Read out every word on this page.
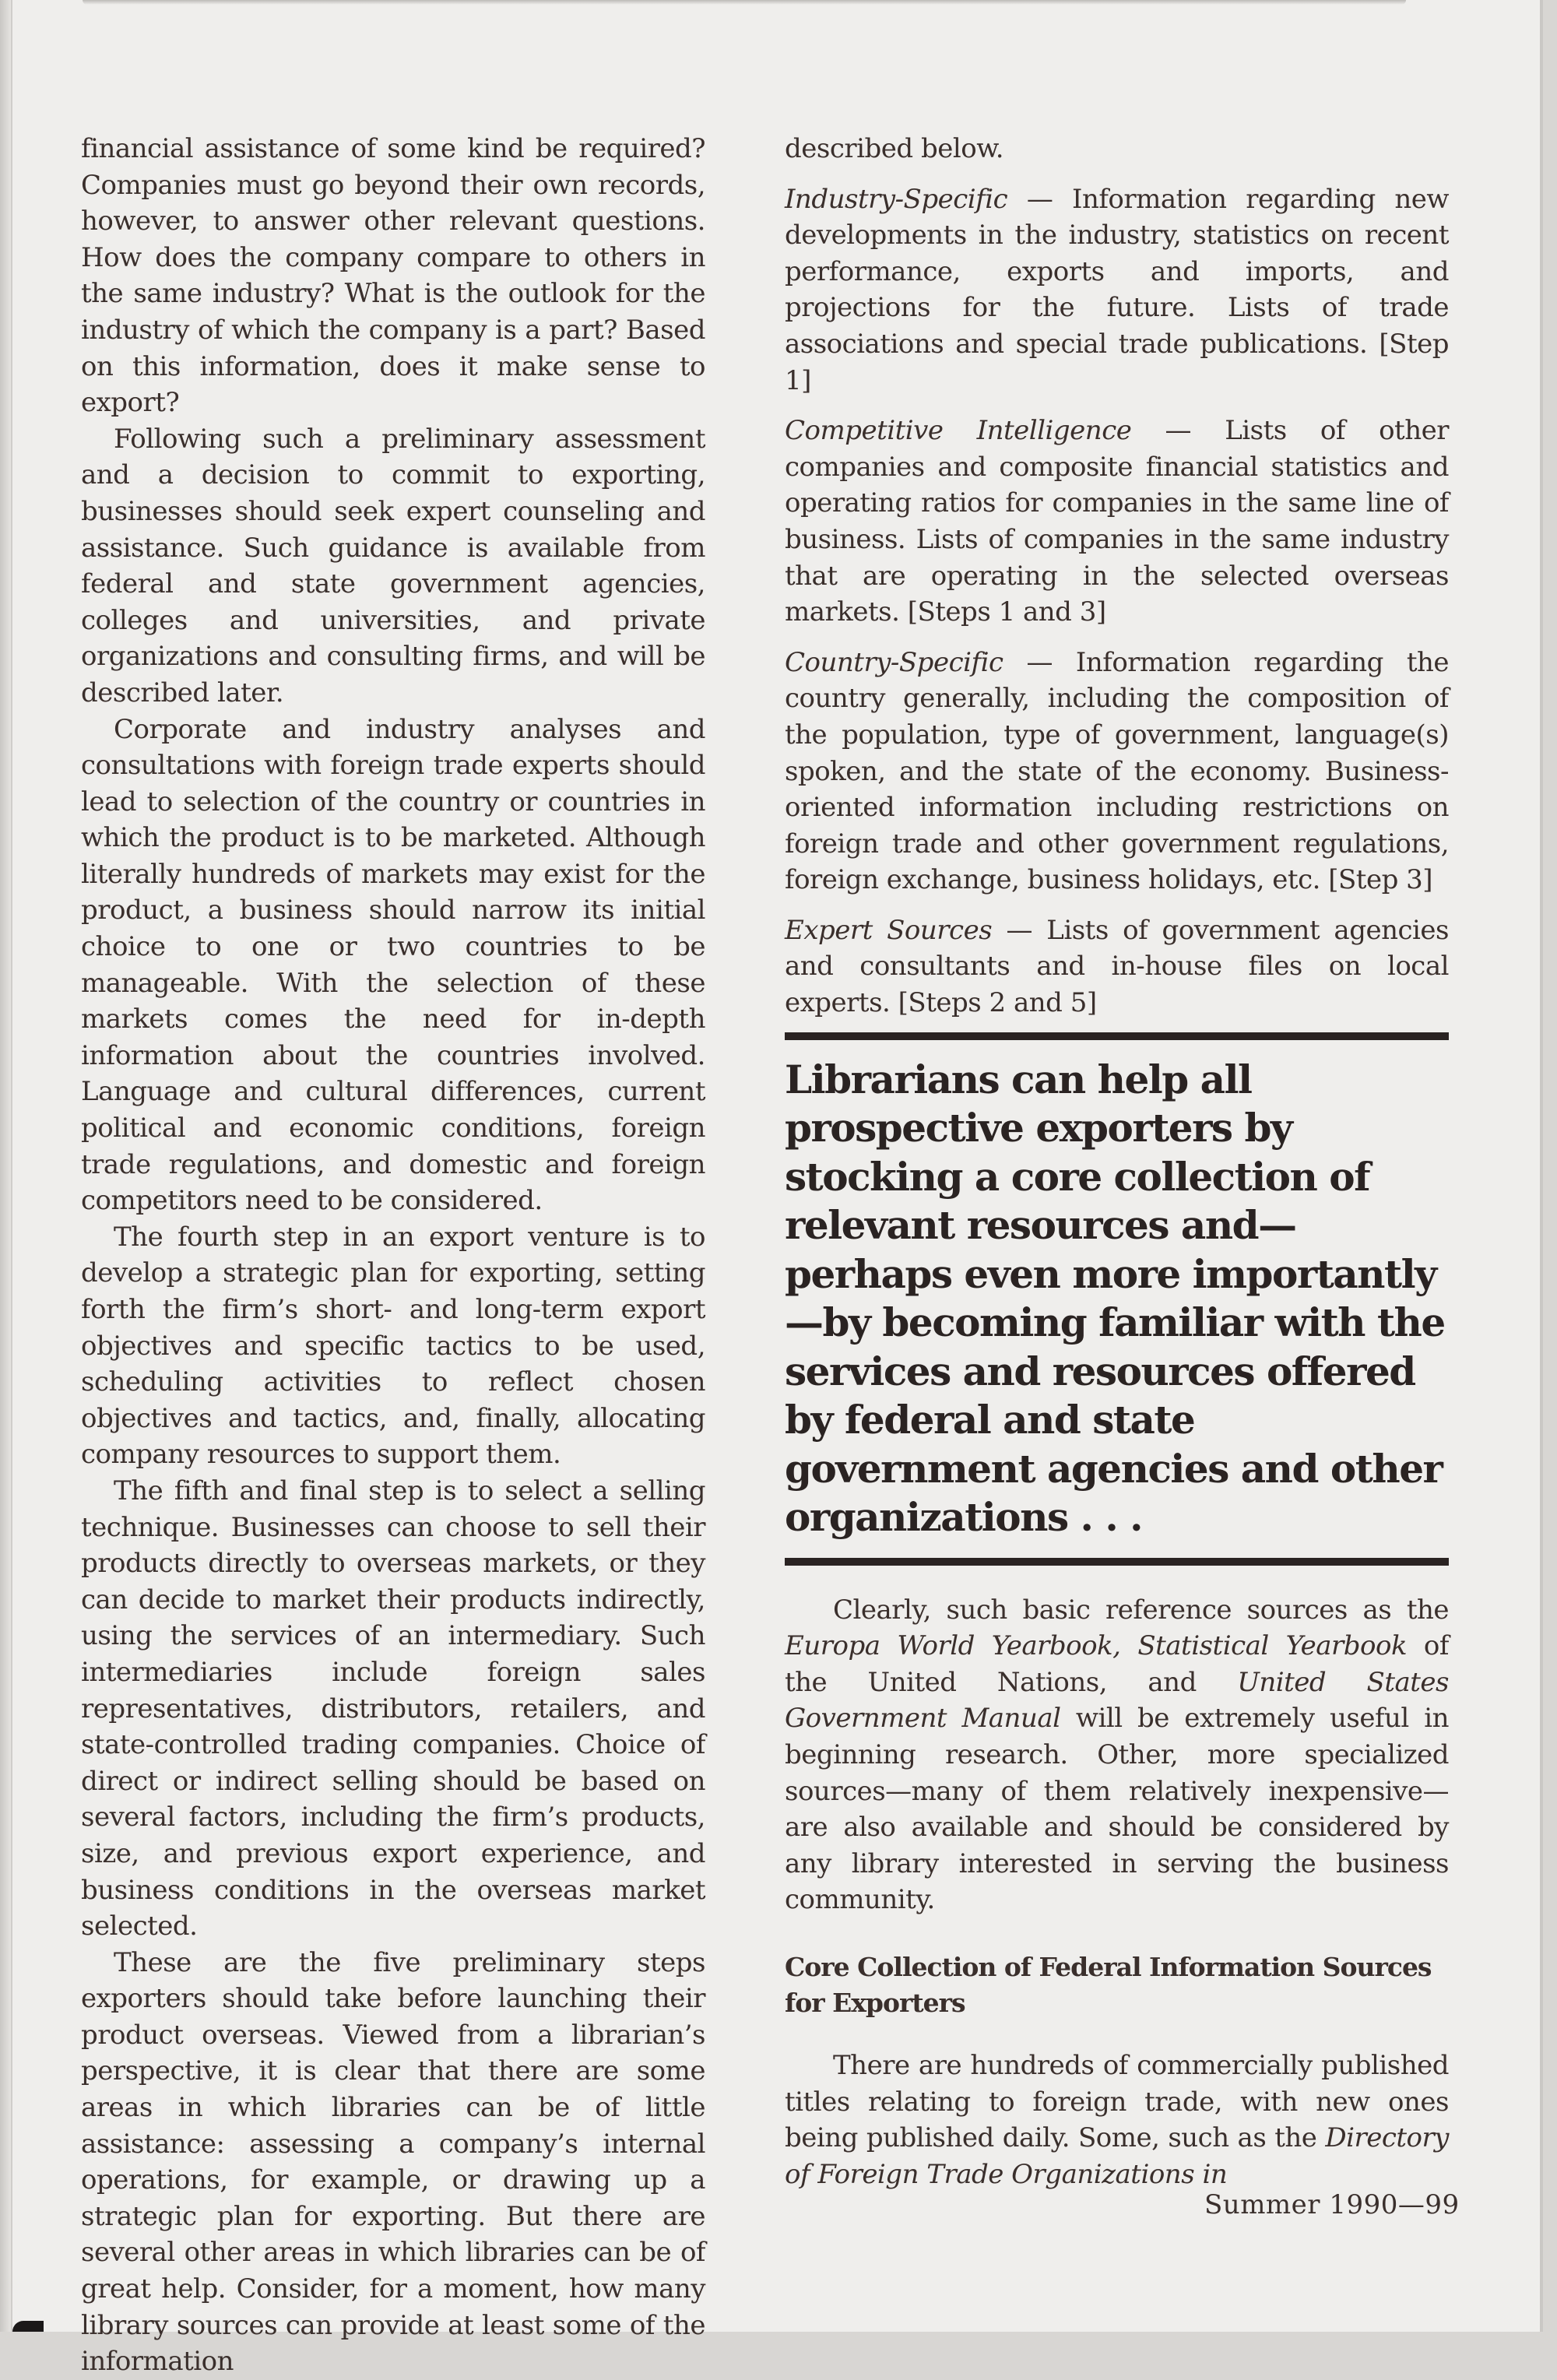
financial assistance of some kind be required? Companies must go beyond their own records, however, to answer other relevant questions. How does the company compare to others in the same industry? What is the outlook for the industry of which the company is a part? Based on this information, does it make sense to export?

Following such a preliminary assessment and a decision to commit to exporting, businesses should seek expert counseling and assistance. Such guidance is available from federal and state government agencies, colleges and universities, and private organizations and consulting firms, and will be described later.

Corporate and industry analyses and consultations with foreign trade experts should lead to selection of the country or countries in which the product is to be marketed. Although literally hundreds of markets may exist for the product, a business should narrow its initial choice to one or two countries to be manageable. With the selection of these markets comes the need for in-depth information about the countries involved. Language and cultural differences, current political and economic conditions, foreign trade regulations, and domestic and foreign competitors need to be considered.

The fourth step in an export venture is to develop a strategic plan for exporting, setting forth the firm’s short- and long-term export objectives and specific tactics to be used, scheduling activities to reflect chosen objectives and tactics, and, finally, allocating company resources to support them.

The fifth and final step is to select a selling technique. Businesses can choose to sell their products directly to overseas markets, or they can decide to market their products indirectly, using the services of an intermediary. Such intermediaries include foreign sales representatives, distributors, retailers, and state-controlled trading companies. Choice of direct or indirect selling should be based on several factors, including the firm’s products, size, and previous export experience, and business conditions in the overseas market selected.

These are the five preliminary steps exporters should take before launching their product overseas. Viewed from a librarian’s perspective, it is clear that there are some areas in which libraries can be of little assistance: assessing a company’s internal operations, for example, or drawing up a strategic plan for exporting. But there are several other areas in which libraries can be of great help. Consider, for a moment, how many library sources can provide at least some of the information

described below.

Industry-Specific — Information regarding new developments in the industry, statistics on recent performance, exports and imports, and projections for the future. Lists of trade associations and special trade publications. [Step 1]

Competitive Intelligence — Lists of other companies and composite financial statistics and operating ratios for companies in the same line of business. Lists of companies in the same industry that are operating in the selected overseas markets. [Steps 1 and 3]

Country-Specific — Information regarding the country generally, including the composition of the population, type of government, language(s) spoken, and the state of the economy. Business-oriented information including restrictions on foreign trade and other government regulations, foreign exchange, business holidays, etc. [Step 3]

Expert Sources — Lists of government agencies and consultants and in-house files on local experts. [Steps 2 and 5]

Librarians can help all prospective exporters by stocking a core collection of relevant resources and—perhaps even more importantly—by becoming familiar with the services and resources offered by federal and state government agencies and other organizations . . .

Clearly, such basic reference sources as the Europa World Yearbook, Statistical Yearbook of the United Nations, and United States Government Manual will be extremely useful in beginning research. Other, more specialized sources—many of them relatively inexpensive—are also available and should be considered by any library interested in serving the business community.

Core Collection of Federal Information Sources for Exporters

There are hundreds of commercially published titles relating to foreign trade, with new ones being published daily. Some, such as the Directory of Foreign Trade Organizations in

Summer 1990—99
